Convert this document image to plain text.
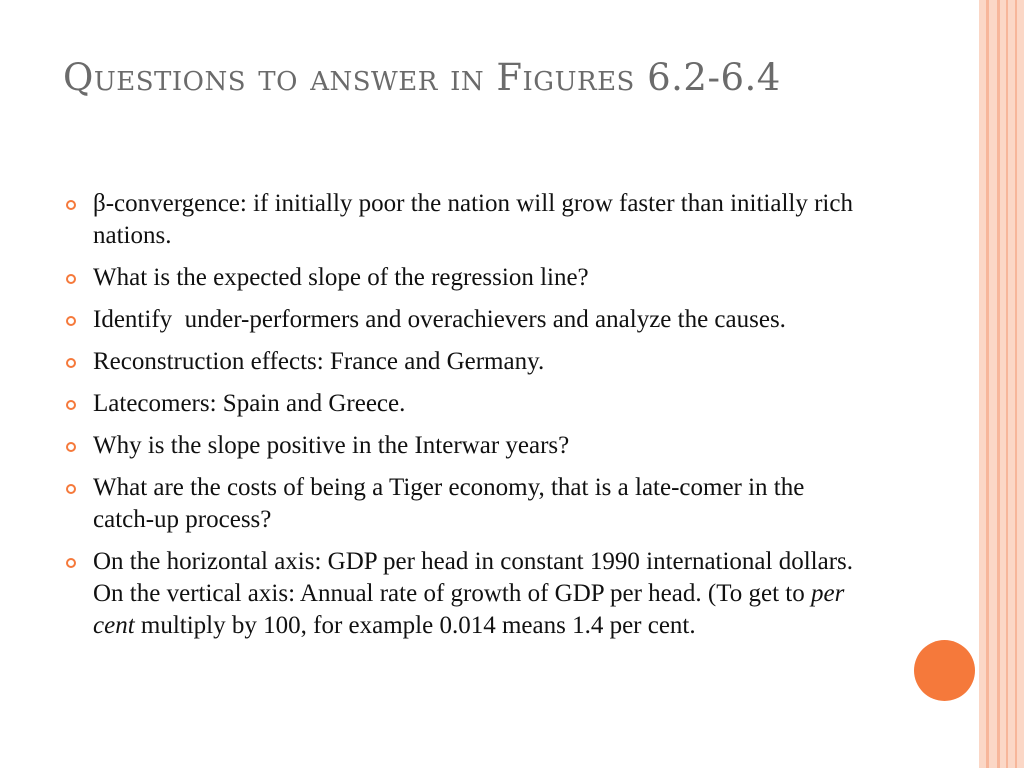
Questions to answer in Figures 6.2-6.4
β-convergence: if initially poor the nation will grow faster than initially rich nations.
What is the expected slope of the regression line?
Identify  under-performers and overachievers and analyze the causes.
Reconstruction effects: France and Germany.
Latecomers: Spain and Greece.
Why is the slope positive in the Interwar years?
What are the costs of being a Tiger economy, that is a late-comer in the catch-up process?
On the horizontal axis: GDP per head in constant 1990 international dollars. On the vertical axis: Annual rate of growth of GDP per head. (To get to per cent multiply by 100, for example 0.014 means 1.4 per cent.
